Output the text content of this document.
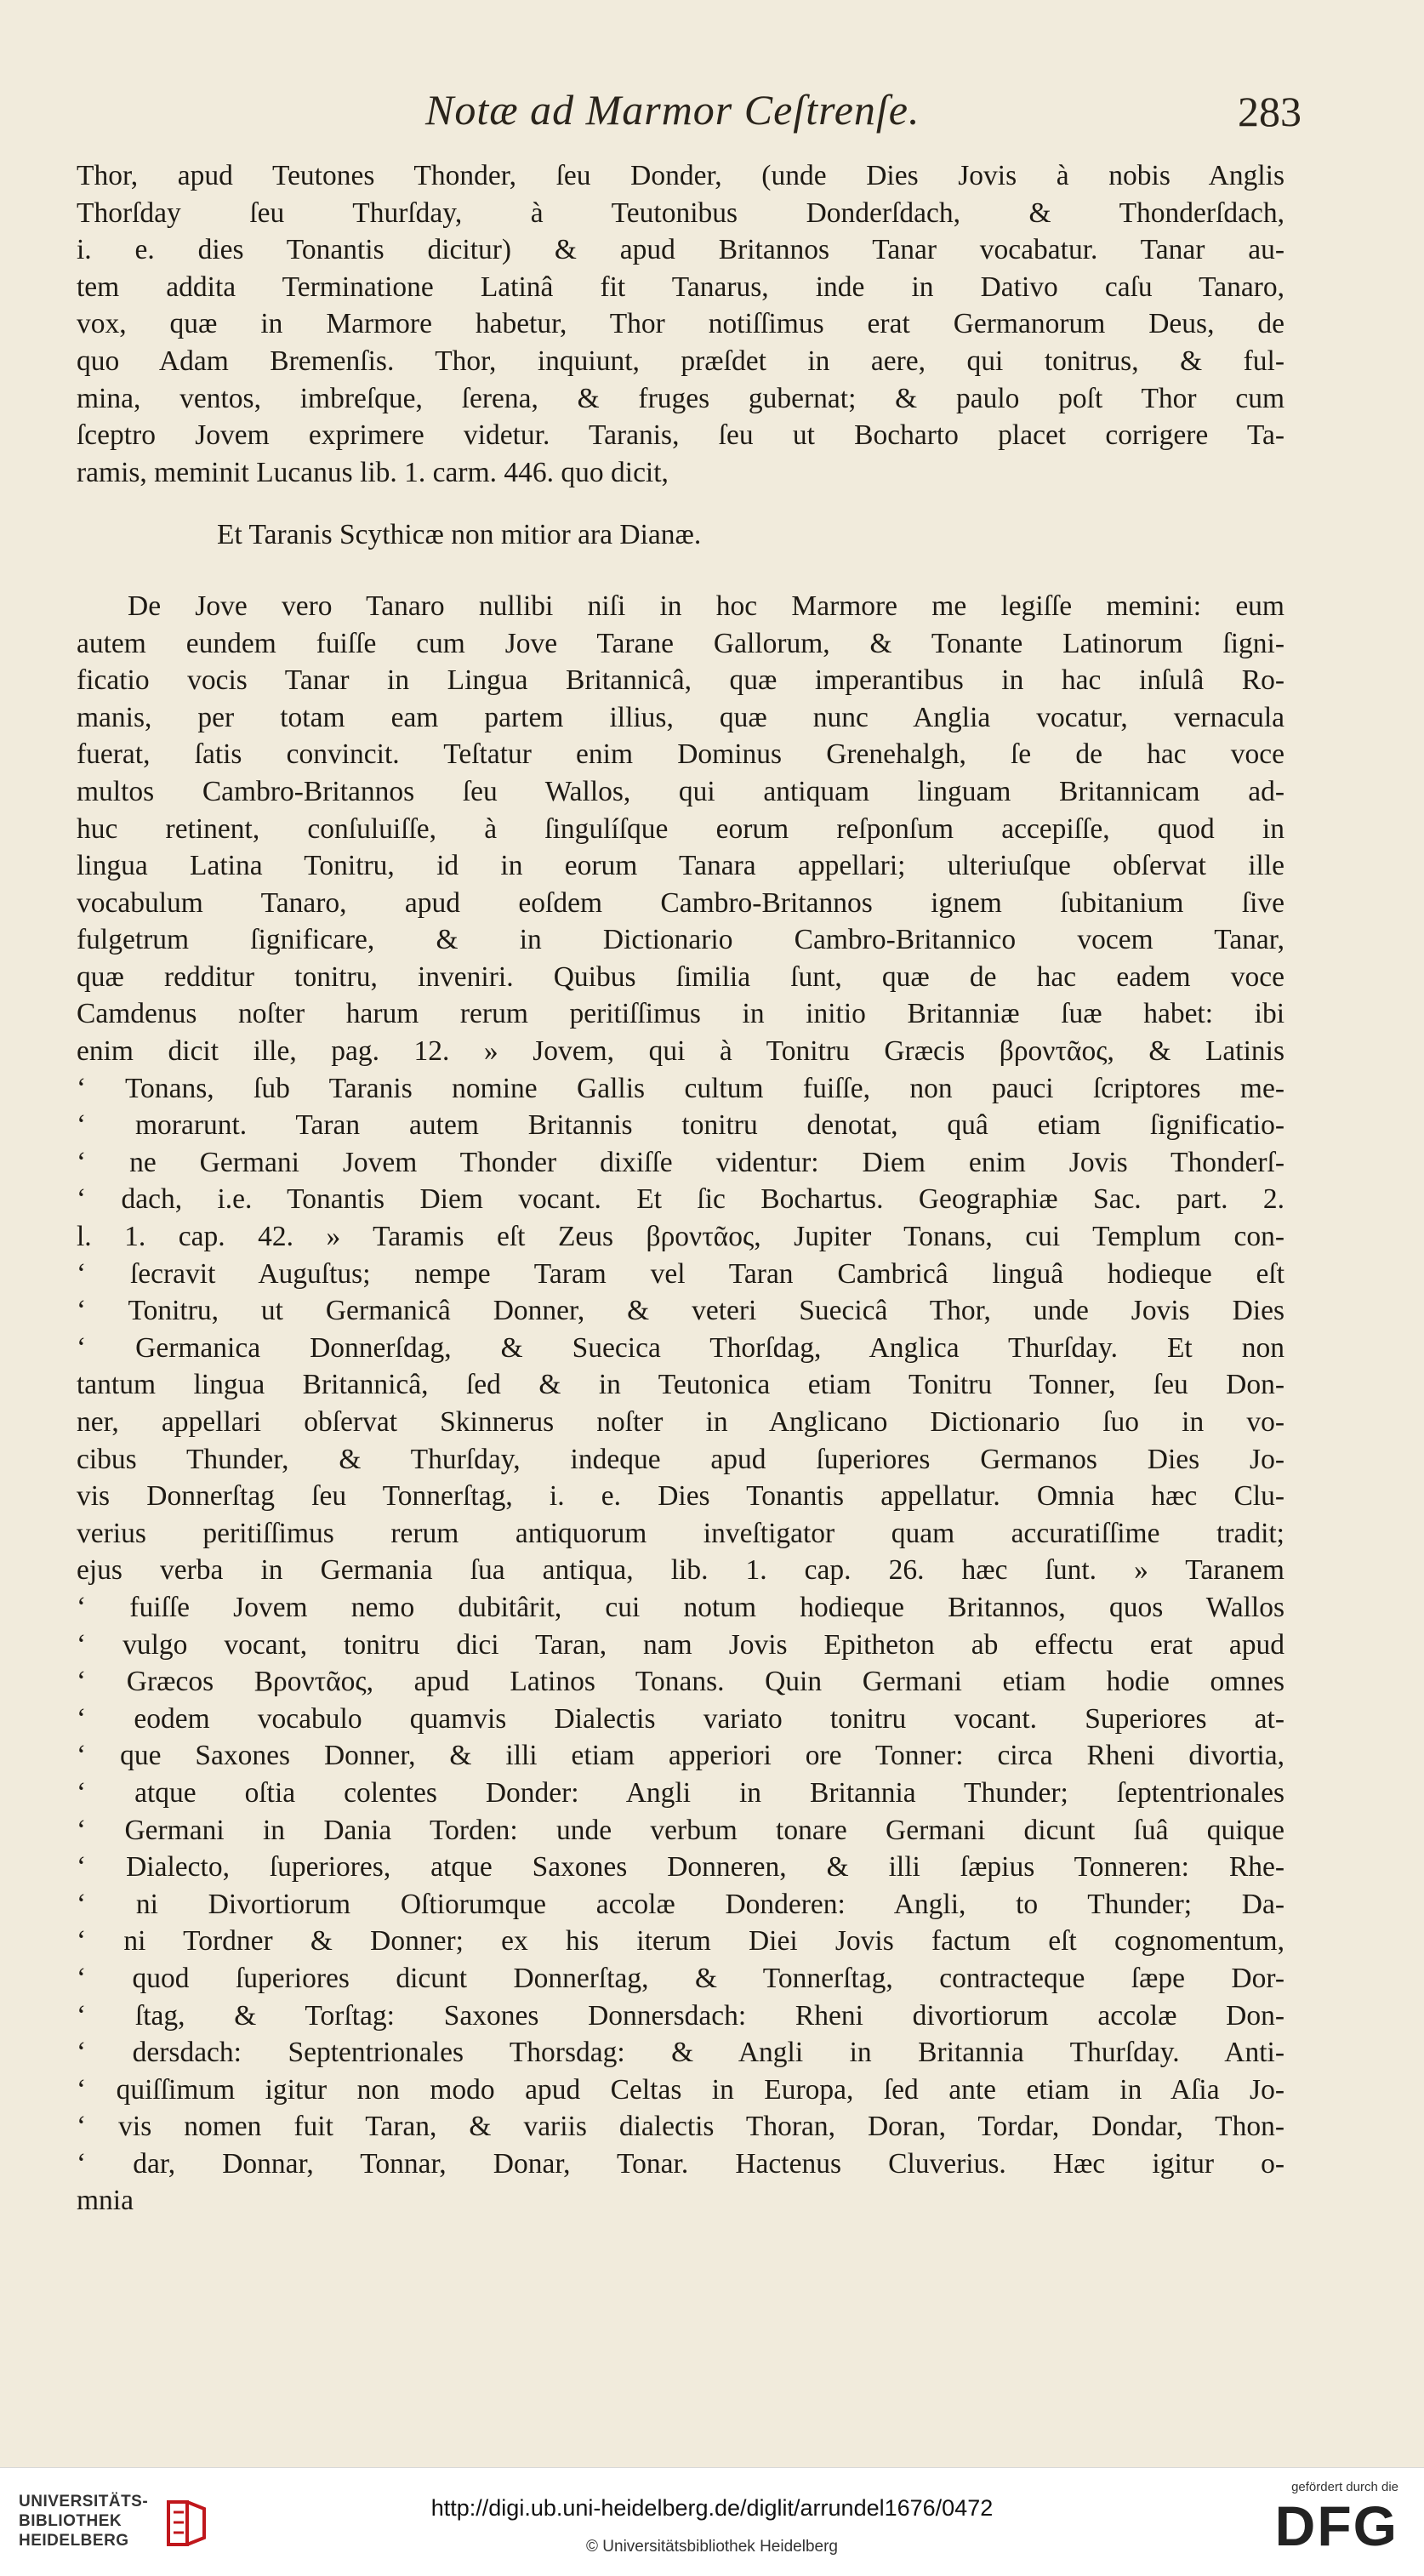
Notæ ad Marmor Ceſtrenſe.	283
Thor, apud Teutones Thonder, ſeu Donder, (unde Dies Jovis à nobis Anglis
Thorſday ſeu Thurſday, à Teutonibus Donderſdach, & Thonderſdach,
i. e. dies Tonantis dicitur) & apud Britannos Tanar vocabatur. Tanar au-
tem addita Terminatione Latinâ fit Tanarus, inde in Dativo caſu Tanaro,
vox, quæ in Marmore habetur, Thor notiſſimus erat Germanorum Deus, de
quo Adam Bremenſis. Thor, inquiunt, præſdet in aere, qui tonitrus, & ful-
mina, ventos, imbreſque, ſerena, & fruges gubernat; & paulo poſt Thor cum
ſceptro Jovem exprimere videtur. Taranis, ſeu ut Bocharto placet corrigere Ta-
ramis, meminit Lucanus lib. 1. carm. 446. quo dicit,
Et Taranis Scythicæ non mitior ara Dianæ.
De Jove vero Tanaro nullibi niſi in hoc Marmore me legiſſe memini: eum
autem eundem fuiſſe cum Jove Tarane Gallorum, & Tonante Latinorum ſigni-
ficatio vocis Tanar in Lingua Britannicâ, quæ imperantibus in hac inſulâ Ro-
manis, per totam eam partem illius, quæ nunc Anglia vocatur, vernacula
fuerat, ſatis convincit. Teſtatur enim Dominus Grenehalgh, ſe de hac voce
multos Cambro-Britannos ſeu Wallos, qui antiquam linguam Britannicam ad-
huc retinent, conſuluiſſe, à ſingulíſque eorum reſponſum accepiſſe, quod in
lingua Latina Tonitru, id in eorum Tanara appellari; ulteriuſque obſervat ille
vocabulum Tanaro, apud eoſdem Cambro-Britannos ignem ſubitanium ſive
fulgetrum ſignificare, & in Dictionario Cambro-Britannico vocem Tanar,
quæ redditur tonitru, inveniri. Quibus ſimilia ſunt, quæ de hac eadem voce
Camdenus noſter harum rerum peritiſſimus in initio Britanniæ ſuæ habet: ibi
enim dicit ille, pag. 12. » Jovem, qui à Tonitru Græcis βροντᾶος, & Latinis
‘ Tonans, ſub Taranis nomine Gallis cultum fuiſſe, non pauci ſcriptores me-
‘ morarunt. Taran autem Britannis tonitru denotat, quâ etiam ſignificatio-
‘ ne Germani Jovem Thonder dixiſſe videntur: Diem enim Jovis Thonderſ-
‘ dach, i.e. Tonantis Diem vocant. Et ſic Bochartus. Geographiæ Sac. part. 2.
l. 1. cap. 42. » Taramis eſt Zeus βροντᾶος, Jupiter Tonans, cui Templum con-
‘ ſecravit Auguſtus; nempe Taram vel Taran Cambricâ linguâ hodieque eſt
‘ Tonitru, ut Germanicâ Donner, & veteri Suecicâ Thor, unde Jovis Dies
‘ Germanica Donnerſdag, & Suecica Thorſdag, Anglica Thurſday. Et non
tantum lingua Britannicâ, ſed & in Teutonica etiam Tonitru Tonner, ſeu Don-
ner, appellari obſervat Skinnerus noſter in Anglicano Dictionario ſuo in vo-
cibus Thunder, & Thurſday, indeque apud ſuperiores Germanos Dies Jo-
vis Donnerſtag ſeu Tonnerſtag, i. e. Dies Tonantis appellatur. Omnia hæc Clu-
verius peritiſſimus rerum antiquorum inveſtigator quam accuratiſſime tradit;
ejus verba in Germania ſua antiqua, lib. 1. cap. 26. hæc ſunt. » Taranem
‘ fuiſſe Jovem nemo dubitârit, cui notum hodieque Britannos, quos Wallos
‘ vulgo vocant, tonitru dici Taran, nam Jovis Epitheton ab effectu erat apud
‘ Græcos Βροντᾶος, apud Latinos Tonans. Quin Germani etiam hodie omnes
‘ eodem vocabulo quamvis Dialectis variato tonitru vocant. Superiores at-
‘ que Saxones Donner, & illi etiam apperiori ore Tonner: circa Rheni divortia,
‘ atque oſtia colentes Donder: Angli in Britannia Thunder; ſeptentrionales
‘ Germani in Dania Torden: unde verbum tonare Germani dicunt ſuâ quique
‘ Dialecto, ſuperiores, atque Saxones Donneren, & illi ſæpius Tonneren: Rhe-
‘ ni Divortiorum Oſtiorumque accolæ Donderen: Angli, to Thunder; Da-
‘ ni Tordner & Donner; ex his iterum Diei Jovis factum eſt cognomentum,
‘ quod ſuperiores dicunt Donnerſtag, & Tonnerſtag, contracteque ſæpe Dor-
‘ ſtag, & Torſtag: Saxones Donnersdach: Rheni divortiorum accolæ Don-
‘ dersdach: Septentrionales Thorsdag: & Angli in Britannia Thurſday. Anti-
‘ quiſſimum igitur non modo apud Celtas in Europa, ſed ante etiam in Aſia Jo-
‘ vis nomen fuit Taran, & variis dialectis Thoran, Doran, Tordar, Dondar, Thon-
‘ dar, Donnar, Tonnar, Donar, Tonar. Hactenus Cluverius. Hæc igitur o-
mnia
UNIVERSITÄTS-
BIBLIOTHEK
HEIDELBERG
http://digi.ub.uni-heidelberg.de/diglit/arrundel1676/0472
© Universitätsbibliothek Heidelberg
gefördert durch die
DFG
